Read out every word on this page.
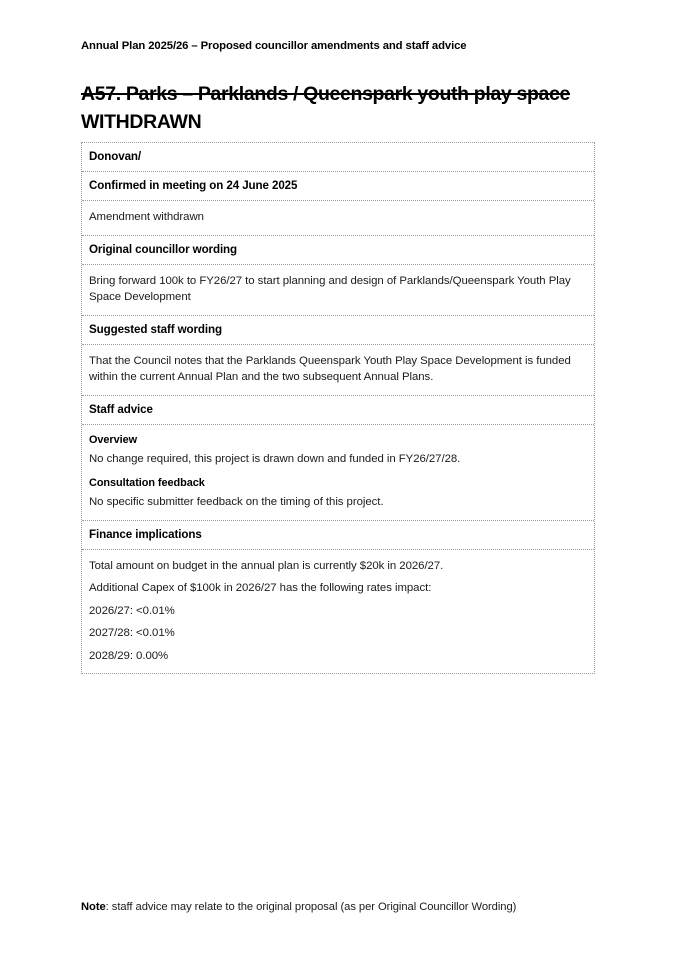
Annual Plan 2025/26 – Proposed councillor amendments and staff advice
A57. Parks – Parklands / Queenspark youth play space
WITHDRAWN
Donovan/
Confirmed in meeting on 24 June 2025
Amendment withdrawn
Original councillor wording
Bring forward 100k to FY26/27 to start planning and design of Parklands/Queenspark Youth Play Space Development
Suggested staff wording
That the Council notes that the Parklands Queenspark Youth Play Space Development is funded within the current Annual Plan and the two subsequent Annual Plans.
Staff advice
Overview
No change required, this project is drawn down and funded in FY26/27/28.
Consultation feedback
No specific submitter feedback on the timing of this project.
Finance implications
Total amount on budget in the annual plan is currently $20k in 2026/27.
Additional Capex of $100k in 2026/27 has the following rates impact:
2026/27: <0.01%
2027/28: <0.01%
2028/29: 0.00%
Note: staff advice may relate to the original proposal (as per Original Councillor Wording)
